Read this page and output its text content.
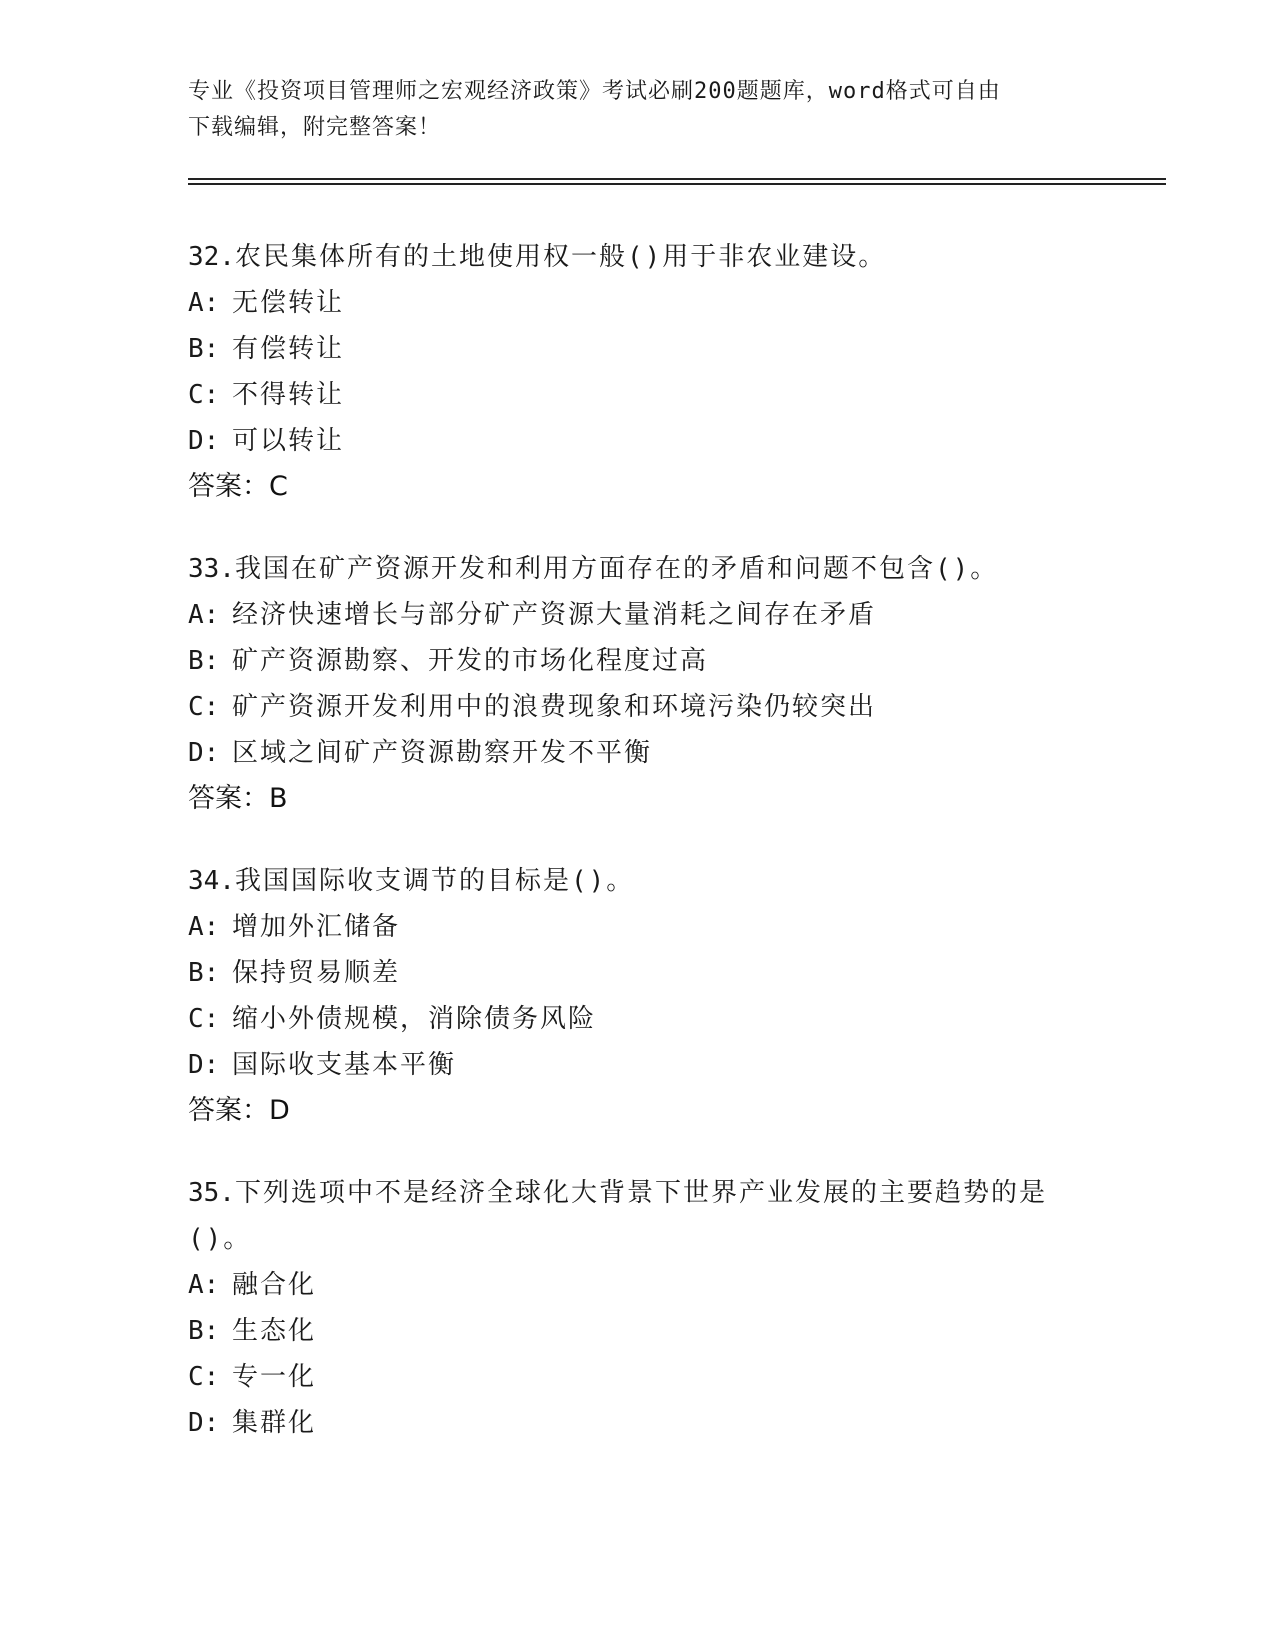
专业《投资项目管理师之宏观经济政策》考试必刷200题题库，word格式可自由
下载编辑，附完整答案！
32.农民集体所有的土地使用权一般()用于非农业建设。
A: 无偿转让
B: 有偿转让
C: 不得转让
D: 可以转让
答案：C
33.我国在矿产资源开发和利用方面存在的矛盾和问题不包含()。
A: 经济快速增长与部分矿产资源大量消耗之间存在矛盾
B: 矿产资源勘察、开发的市场化程度过高
C: 矿产资源开发利用中的浪费现象和环境污染仍较突出
D: 区域之间矿产资源勘察开发不平衡
答案：B
34.我国国际收支调节的目标是()。
A: 增加外汇储备
B: 保持贸易顺差
C: 缩小外债规模，消除债务风险
D: 国际收支基本平衡
答案：D
35.下列选项中不是经济全球化大背景下世界产业发展的主要趋势的是()。
A: 融合化
B: 生态化
C: 专一化
D: 集群化
